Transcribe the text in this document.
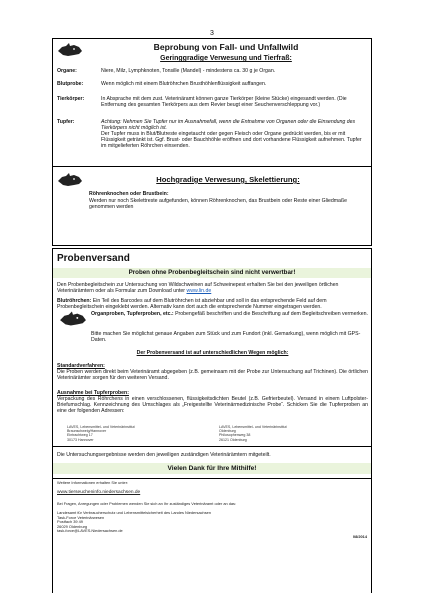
3
Beprobung von Fall- und Unfallwild
Geringgradige Verwesung und Tierfraß:
Organe:	Niere, Milz, Lymphknoten, Tonsille (Mandel) - mindestens ca. 30 g je Organ.
Blutprobe:	Wenn möglich mit einem Blutröhrchen Brusthöhlenflüssigkeit auffangen.
Tierkörper:	In Absprache mit dem zust. Veterinäramt können ganze Tierkörper (kleine Stücke) eingesandt werden. (Die Entfernung des gesamten Tierkörpers aus dem Revier beugt einer Seuchenverschleppung vor.)
Tupfer:	Achtung: Nehmen Sie Tupfer nur im Ausnahmefall, wenn die Entnahme von Organen oder die Einsendung des Tierkörpers nicht möglich ist.
Der Tupfer muss in Blut/Blutreste eingetaucht oder gegen Fleisch oder Organe gedrückt werden, bis er mit Flüssigkeit getränkt ist. Ggf. Brust- oder Bauchhöhle eröffnen und dort vorhandene Flüssigkeit aufnehmen. Tupfer im mitgelieferten Röhrchen einsenden.
Hochgradige Verwesung, Skelettierung:
Röhrenknochen oder Brustbein:
Werden nur noch Skelettreste aufgefunden, können Röhrenknochen, das Brustbein oder Reste einer Gliedmaße genommen werden
Probenversand
Proben ohne Probenbegleitschein sind nicht verwertbar!
Den Probenbegleitschein zur Untersuchung von Wildschweinen auf Schweinepest erhalten Sie bei den jeweiligen örtlichen Veterinärämtern oder als Formular zum Download unter www.lin.de
Blutröhrchen: Ein Teil des Barcodes auf dem Blutröhrchen ist abziehbar und soll in das entsprechende Feld auf dem Probenbegleitschein eingeklebt werden. Alternativ kann dort auch die entsprechende Nummer eingetragen werden.
Organproben, Tupferproben, etc.: Probengefäß beschriften und die Beschriftung auf dem Begleitschreiben vermerken.
Bitte machen Sie möglichst genaue Angaben zum Stück und zum Fundort (inkl. Gemarkung), wenn möglich mit GPS-Daten.
Der Probenversand ist auf unterschiedlichen Wegen möglich:
Standardverfahren:
Die Proben werden direkt beim Veterinäramt abgegeben (z.B. gemeinsam mit der Probe zur Untersuchung auf Trichinen). Die örtlichen Veterinärämter sorgen für den weiteren Versand.
Ausnahme bei Tupferproben:
Verpackung des Röhrchens in einen verschlossenen, flüssigkeitsdichten Beutel (z.B. Gefrierbeutel). Versand in einem Luftpolster-Briefumschlag. Kennzeichnung des Umschlages als „Freigestellte Veterinärmedizinische Probe“. Schicken Sie die Tupferproben an eine der folgenden Adressen:
LAVES, Lebensmittel- und Veterinärinstitut
Braunschweig/Hannover
Eintrachtweg 17
30173 Hannover
LAVES, Lebensmittel- und Veterinärinstitut
Oldenburg
Philosophenweg 38
26121 Oldenburg
Die Untersuchungsergebnisse werden den jeweiligen zuständigen Veterinärämtern mitgeteilt.
Vielen Dank für Ihre Mithilfe!
Weitere Informationen erhalten Sie unter:
www.tierseucheninfo.niedersachsen.de
Bei Fragen, Anregungen oder Problemen wenden Sie sich an Ihr zuständiges Veterinäramt oder an das:
Landesamt für Verbraucherschutz und Lebensmittelsicherheit des Landes Niedersachsen
Task-Force Veterinärwesen
Postfach 39 49
26029 Oldenburg
task-force@LAVES.Niedersachsen.de
08/2014
